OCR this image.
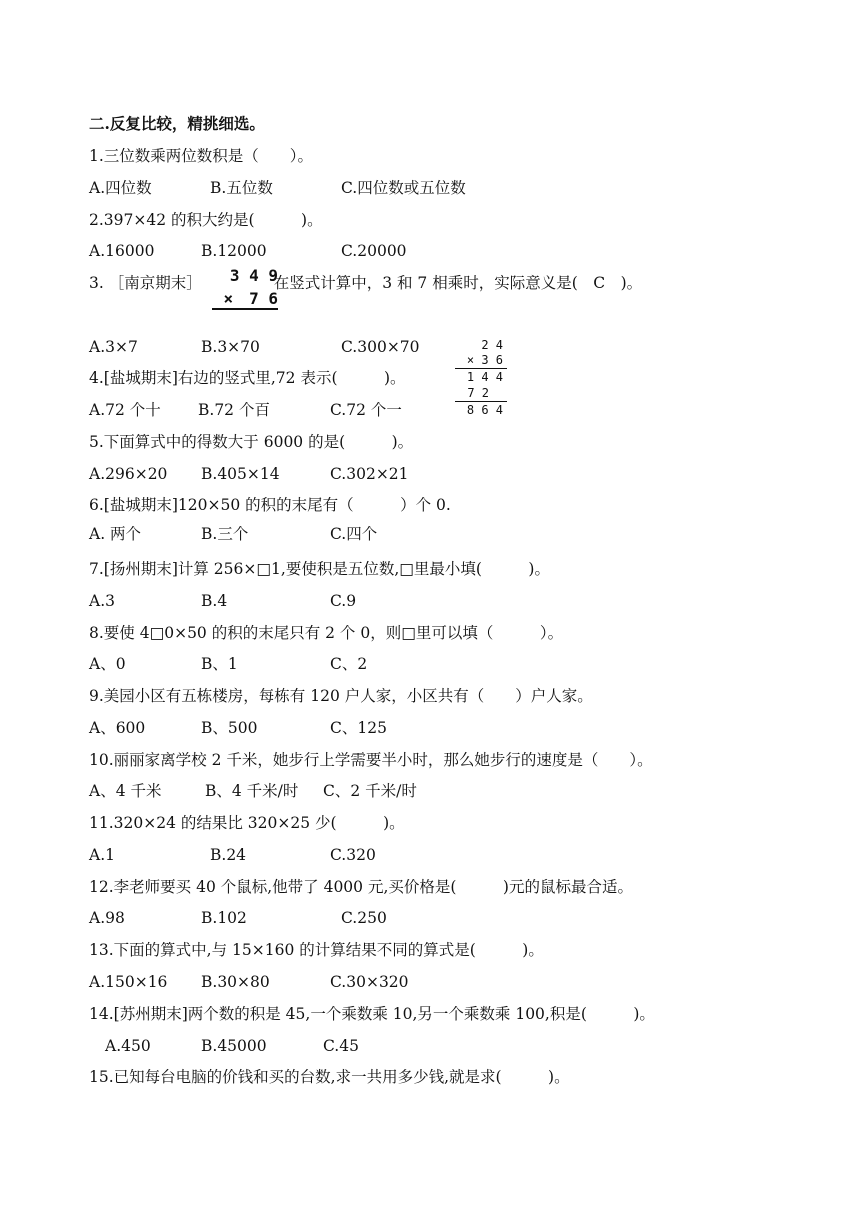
二.反复比较，精挑细选。
1.三位数乘两位数积是（　　）。
A.四位数	B.五位数	C.四位数或五位数
2.397×42 的积大约是(　　　)。
A.16000	B.12000	C.20000
3. ［南京期末］	在竖式计算中，3 和 7 相乘时，实际意义是(　C　)。
3 4 9
×　7 6
A.3×7	B.3×70	C.300×70	2 4
× 3 6
1 4 4
7 2
8 6 4
4.[盐城期末]右边的竖式里,72 表示(　　　)。
A.72 个十 B.72 个百	C.72 个一
5.下面算式中的得数大于 6000 的是(　　　)。
A.296×20 B.405×14	C.302×21
6.[盐城期末]120×50 的积的末尾有（　　　）个 0.
A. 两个	B.三个	C.四个
7.[扬州期末]计算 256×□1,要使积是五位数,□里最小填(　　　)。
A.3	B.4	C.9
8.要使 4□0×50 的积的末尾只有 2 个 0，则□里可以填（　　　）。
A、0	B、1	C、2
9.美园小区有五栋楼房，每栋有 120 户人家，小区共有（　　）户人家。
A、600	B、500	C、125
10.丽丽家离学校 2 千米，她步行上学需要半小时，那么她步行的速度是（　　）。
A、4 千米	B、4 千米/时 C、2 千米/时
11.320×24 的结果比 320×25 少(　　　)。
A.1	B.24	C.320
12.李老师要买 40 个鼠标,他带了 4000 元,买价格是(　　　)元的鼠标最合适。
A.98	B.102	C.250
13.下面的算式中,与 15×160 的计算结果不同的算式是(　　　)。
A.150×16 B.30×80	C.30×320
14.[苏州期末]两个数的积是 45,一个乘数乘 10,另一个乘数乘 100,积是(　　　)。
A.450	B.45000	C.45
15.已知每台电脑的价钱和买的台数,求一共用多少钱,就是求(　　　)。
